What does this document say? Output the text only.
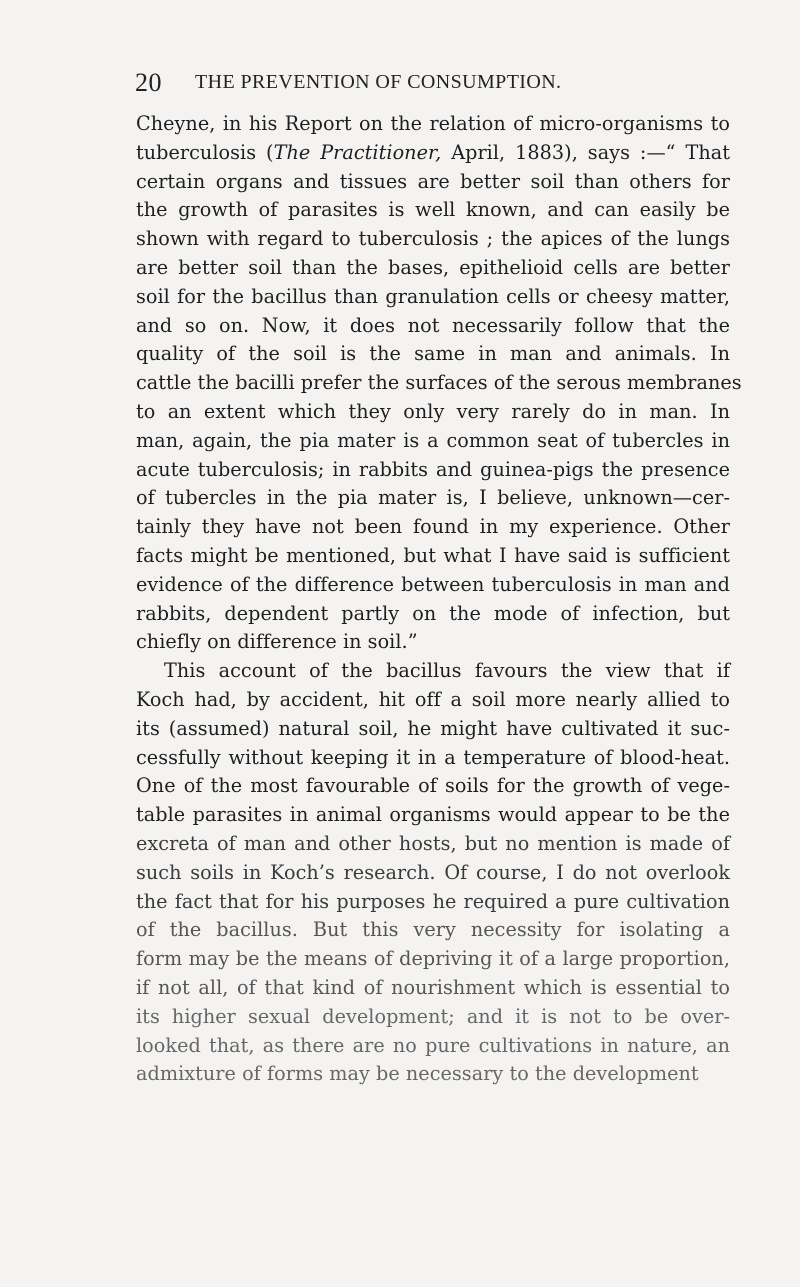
20 THE PREVENTION OF CONSUMPTION.
Cheyne, in his Report on the relation of micro-organisms to
tuberculosis (The Practitioner, April, 1883), says :—“ That
certain organs and tissues are better soil than others for
the growth of parasites is well known, and can easily be
shown with regard to tuberculosis ; the apices of the lungs
are better soil than the bases, epithelioid cells are better
soil for the bacillus than granulation cells or cheesy matter,
and so on. Now, it does not necessarily follow that the
quality of the soil is the same in man and animals. In
cattle the bacilli prefer the surfaces of the serous membranes
to an extent which they only very rarely do in man. In
man, again, the pia mater is a common seat of tubercles in
acute tuberculosis; in rabbits and guinea-pigs the presence
of tubercles in the pia mater is, I believe, unknown—cer-
tainly they have not been found in my experience. Other
facts might be mentioned, but what I have said is sufficient
evidence of the difference between tuberculosis in man and
rabbits, dependent partly on the mode of infection, but
chiefly on difference in soil.”
This account of the bacillus favours the view that if
Koch had, by accident, hit off a soil more nearly allied to
its (assumed) natural soil, he might have cultivated it suc-
cessfully without keeping it in a temperature of blood-heat.
One of the most favourable of soils for the growth of vege-
table parasites in animal organisms would appear to be the
excreta of man and other hosts, but no mention is made of
such soils in Koch’s research. Of course, I do not overlook
the fact that for his purposes he required a pure cultivation
of the bacillus. But this very necessity for isolating a
form may be the means of depriving it of a large proportion,
if not all, of that kind of nourishment which is essential to
its higher sexual development; and it is not to be over-
looked that, as there are no pure cultivations in nature, an
admixture of forms may be necessary to the development
